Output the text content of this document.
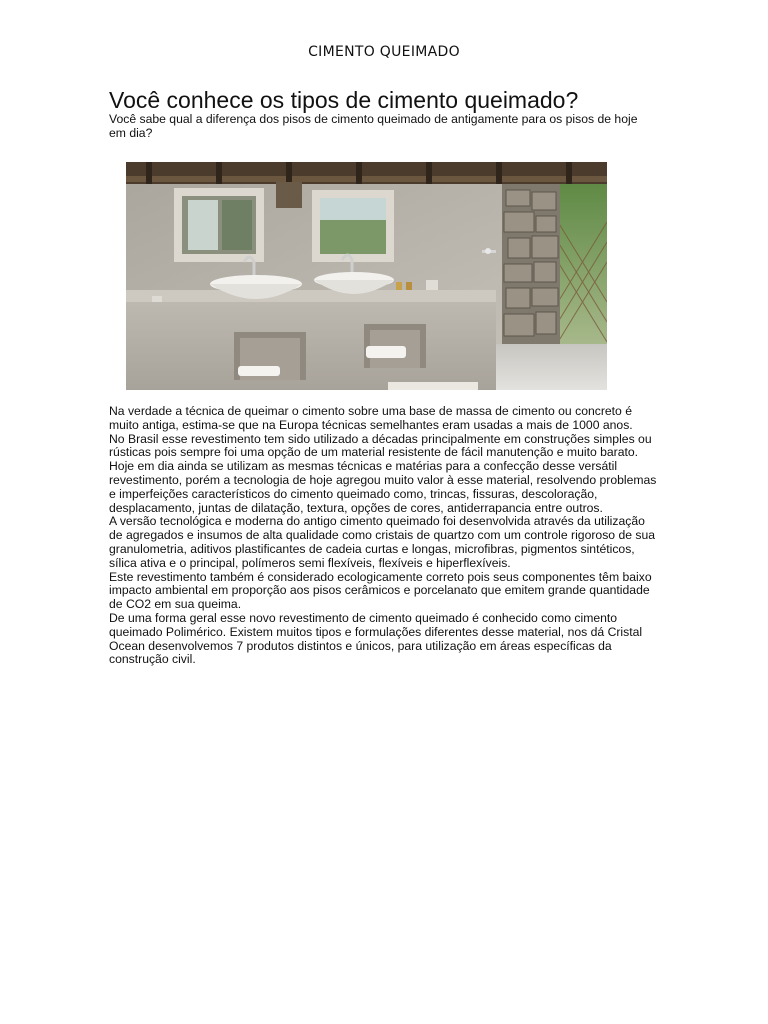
CIMENTO QUEIMADO
Você conhece os tipos de cimento queimado?

Você sabe qual a diferença dos pisos de cimento queimado de antigamente para os pisos de hoje em dia?

Na verdade a técnica de queimar o cimento sobre uma base de massa de cimento ou concreto é muito antiga, estima-se que na Europa técnicas semelhantes eram usadas a mais de 1000 anos.

No Brasil esse revestimento tem sido utilizado a décadas principalmente em construções simples ou rústicas pois sempre foi uma opção de um material resistente de fácil manutenção e muito barato.

Hoje em dia ainda se utilizam as mesmas técnicas e matérias para a confecção desse versátil revestimento, porém a tecnologia de hoje agregou muito valor à esse material, resolvendo problemas e imperfeições característicos do cimento queimado como, trincas, fissuras, descoloração, desplacamento, juntas de dilatação, textura, opções de cores, antiderrapancia entre outros.

A versão tecnológica e moderna do antigo cimento queimado foi desenvolvida através da utilização de agregados e insumos de alta qualidade como cristais de quartzo com um controle rigoroso de sua granulometria, aditivos plastificantes de cadeia curtas e longas, microfibras, pigmentos sintéticos, sílica ativa e o principal, polímeros semi flexíveis, flexíveis e hiperflexíveis.

Este revestimento também é considerado ecologicamente correto pois seus componentes têm baixo impacto ambiental em proporção aos pisos cerâmicos e porcelanato que emitem grande quantidade de CO2 em sua queima.

De uma forma geral esse novo revestimento de cimento queimado é conhecido como cimento queimado Polimérico. Existem muitos tipos e formulações diferentes desse material, nos dá Cristal Ocean desenvolvemos 7 produtos distintos e únicos, para utilização em áreas específicas da construção civil.
